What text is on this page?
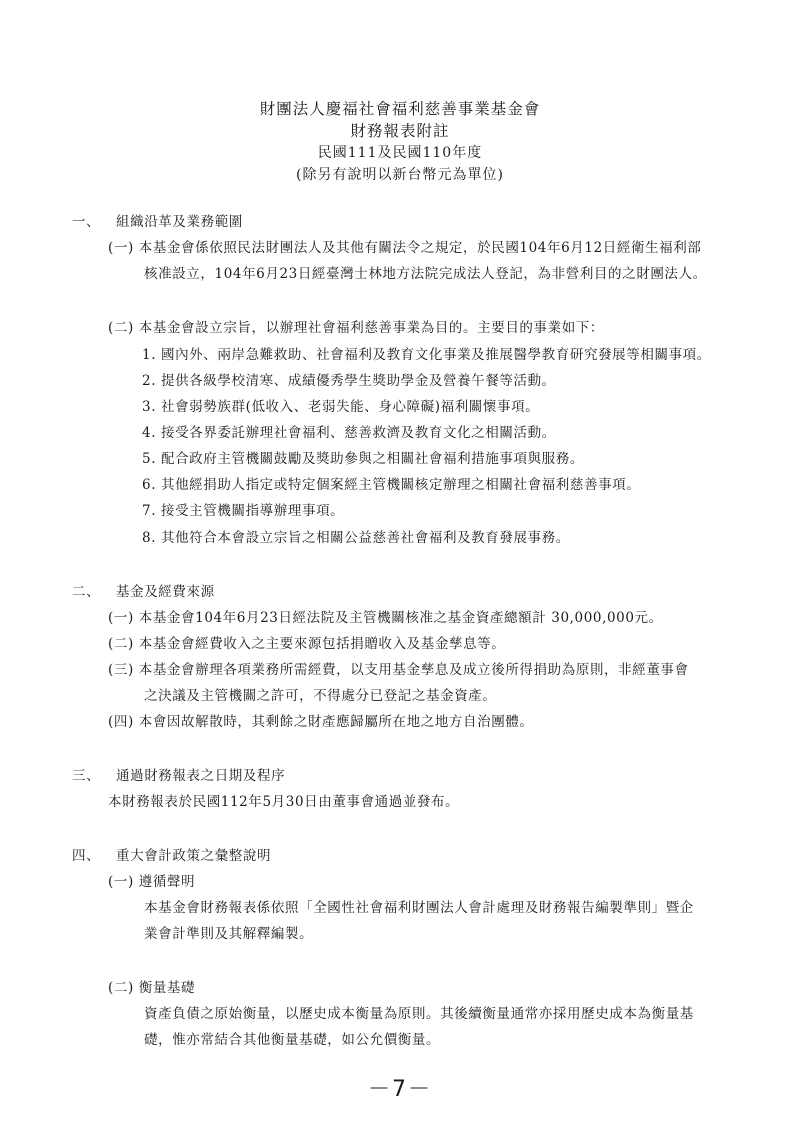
財團法人慶福社會福利慈善事業基金會
財務報表附註
民國111及民國110年度
(除另有說明以新台幣元為單位)
一、 組織沿革及業務範圍
(一) 本基金會係依照民法財團法人及其他有關法令之規定，於民國104年6月12日經衛生福利部
核准設立，104年6月23日經臺灣士林地方法院完成法人登記，為非營利目的之財團法人。
(二) 本基金會設立宗旨，以辦理社會福利慈善事業為目的。主要目的事業如下：
1. 國內外、兩岸急難救助、社會福利及教育文化事業及推展醫學教育研究發展等相關事項。
2. 提供各級學校清寒、成績優秀學生獎助學金及營養午餐等活動。
3. 社會弱勢族群(低收入、老弱失能、身心障礙)福利關懷事項。
4. 接受各界委託辦理社會福利、慈善救濟及教育文化之相關活動。
5. 配合政府主管機關鼓勵及獎助參與之相關社會福利措施事項與服務。
6. 其他經捐助人指定或特定個案經主管機關核定辦理之相關社會福利慈善事項。
7. 接受主管機關指導辦理事項。
8. 其他符合本會設立宗旨之相關公益慈善社會福利及教育發展事務。
二、 基金及經費來源
(一) 本基金會104年6月23日經法院及主管機關核准之基金資產總額計 30,000,000元。
(二) 本基金會經費收入之主要來源包括捐贈收入及基金孳息等。
(三) 本基金會辦理各項業務所需經費，以支用基金孳息及成立後所得捐助為原則，非經董事會
之決議及主管機關之許可，不得處分已登記之基金資產。
(四) 本會因故解散時，其剩餘之財產應歸屬所在地之地方自治團體。
三、 通過財務報表之日期及程序
本財務報表於民國112年5月30日由董事會通過並發布。
四、 重大會計政策之彙整說明
(一) 遵循聲明
本基金會財務報表係依照「全國性社會福利財團法人會計處理及財務報告編製準則」暨企
業會計準則及其解釋編製。
(二) 衡量基礎
資產負債之原始衡量，以歷史成本衡量為原則。其後續衡量通常亦採用歷史成本為衡量基
礎，惟亦常結合其他衡量基礎，如公允價衡量。
－7－
